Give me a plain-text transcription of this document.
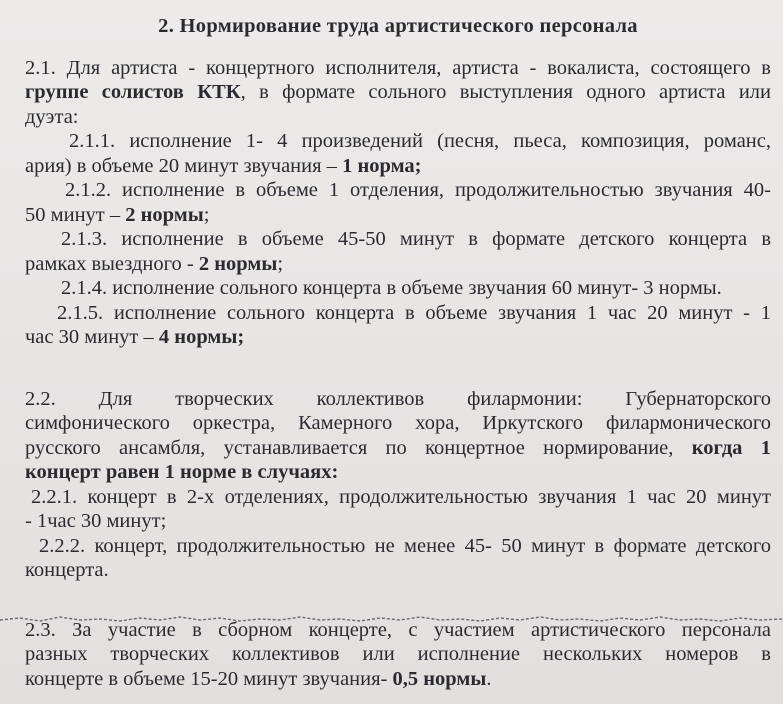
2. Нормирование труда артистического персонала
2.1. Для артиста - концертного исполнителя, артиста - вокалиста, состоящего в
группе солистов КТК, в формате сольного выступления одного артиста или
дуэта:
2.1.1. исполнение 1- 4 произведений (песня, пьеса, композиция, романс,
ария) в объеме 20 минут звучания – 1 норма;
2.1.2. исполнение в объеме 1 отделения, продолжительностью звучания 40-
50 минут – 2 нормы;
2.1.3. исполнение в объеме 45-50 минут в формате детского концерта в
рамках выездного - 2 нормы;
2.1.4. исполнение сольного концерта в объеме звучания 60 минут- 3 нормы.
2.1.5. исполнение сольного концерта в объеме звучания 1 час 20 минут - 1
час 30 минут – 4 нормы;
2.2. Для творческих коллективов филармонии: Губернаторского
симфонического оркестра, Камерного хора, Иркутского филармонического
русского ансамбля, устанавливается по концертное нормирование, когда 1
концерт равен 1 норме в случаях:
2.2.1. концерт в 2-х отделениях, продолжительностью звучания 1 час 20 минут
- 1час 30 минут;
2.2.2. концерт, продолжительностью не менее 45- 50 минут в формате детского
концерта.
2.3. За участие в сборном концерте, с участием артистического персонала
разных творческих коллективов или исполнение нескольких номеров в
концерте в объеме 15-20 минут звучания- 0,5 нормы.
